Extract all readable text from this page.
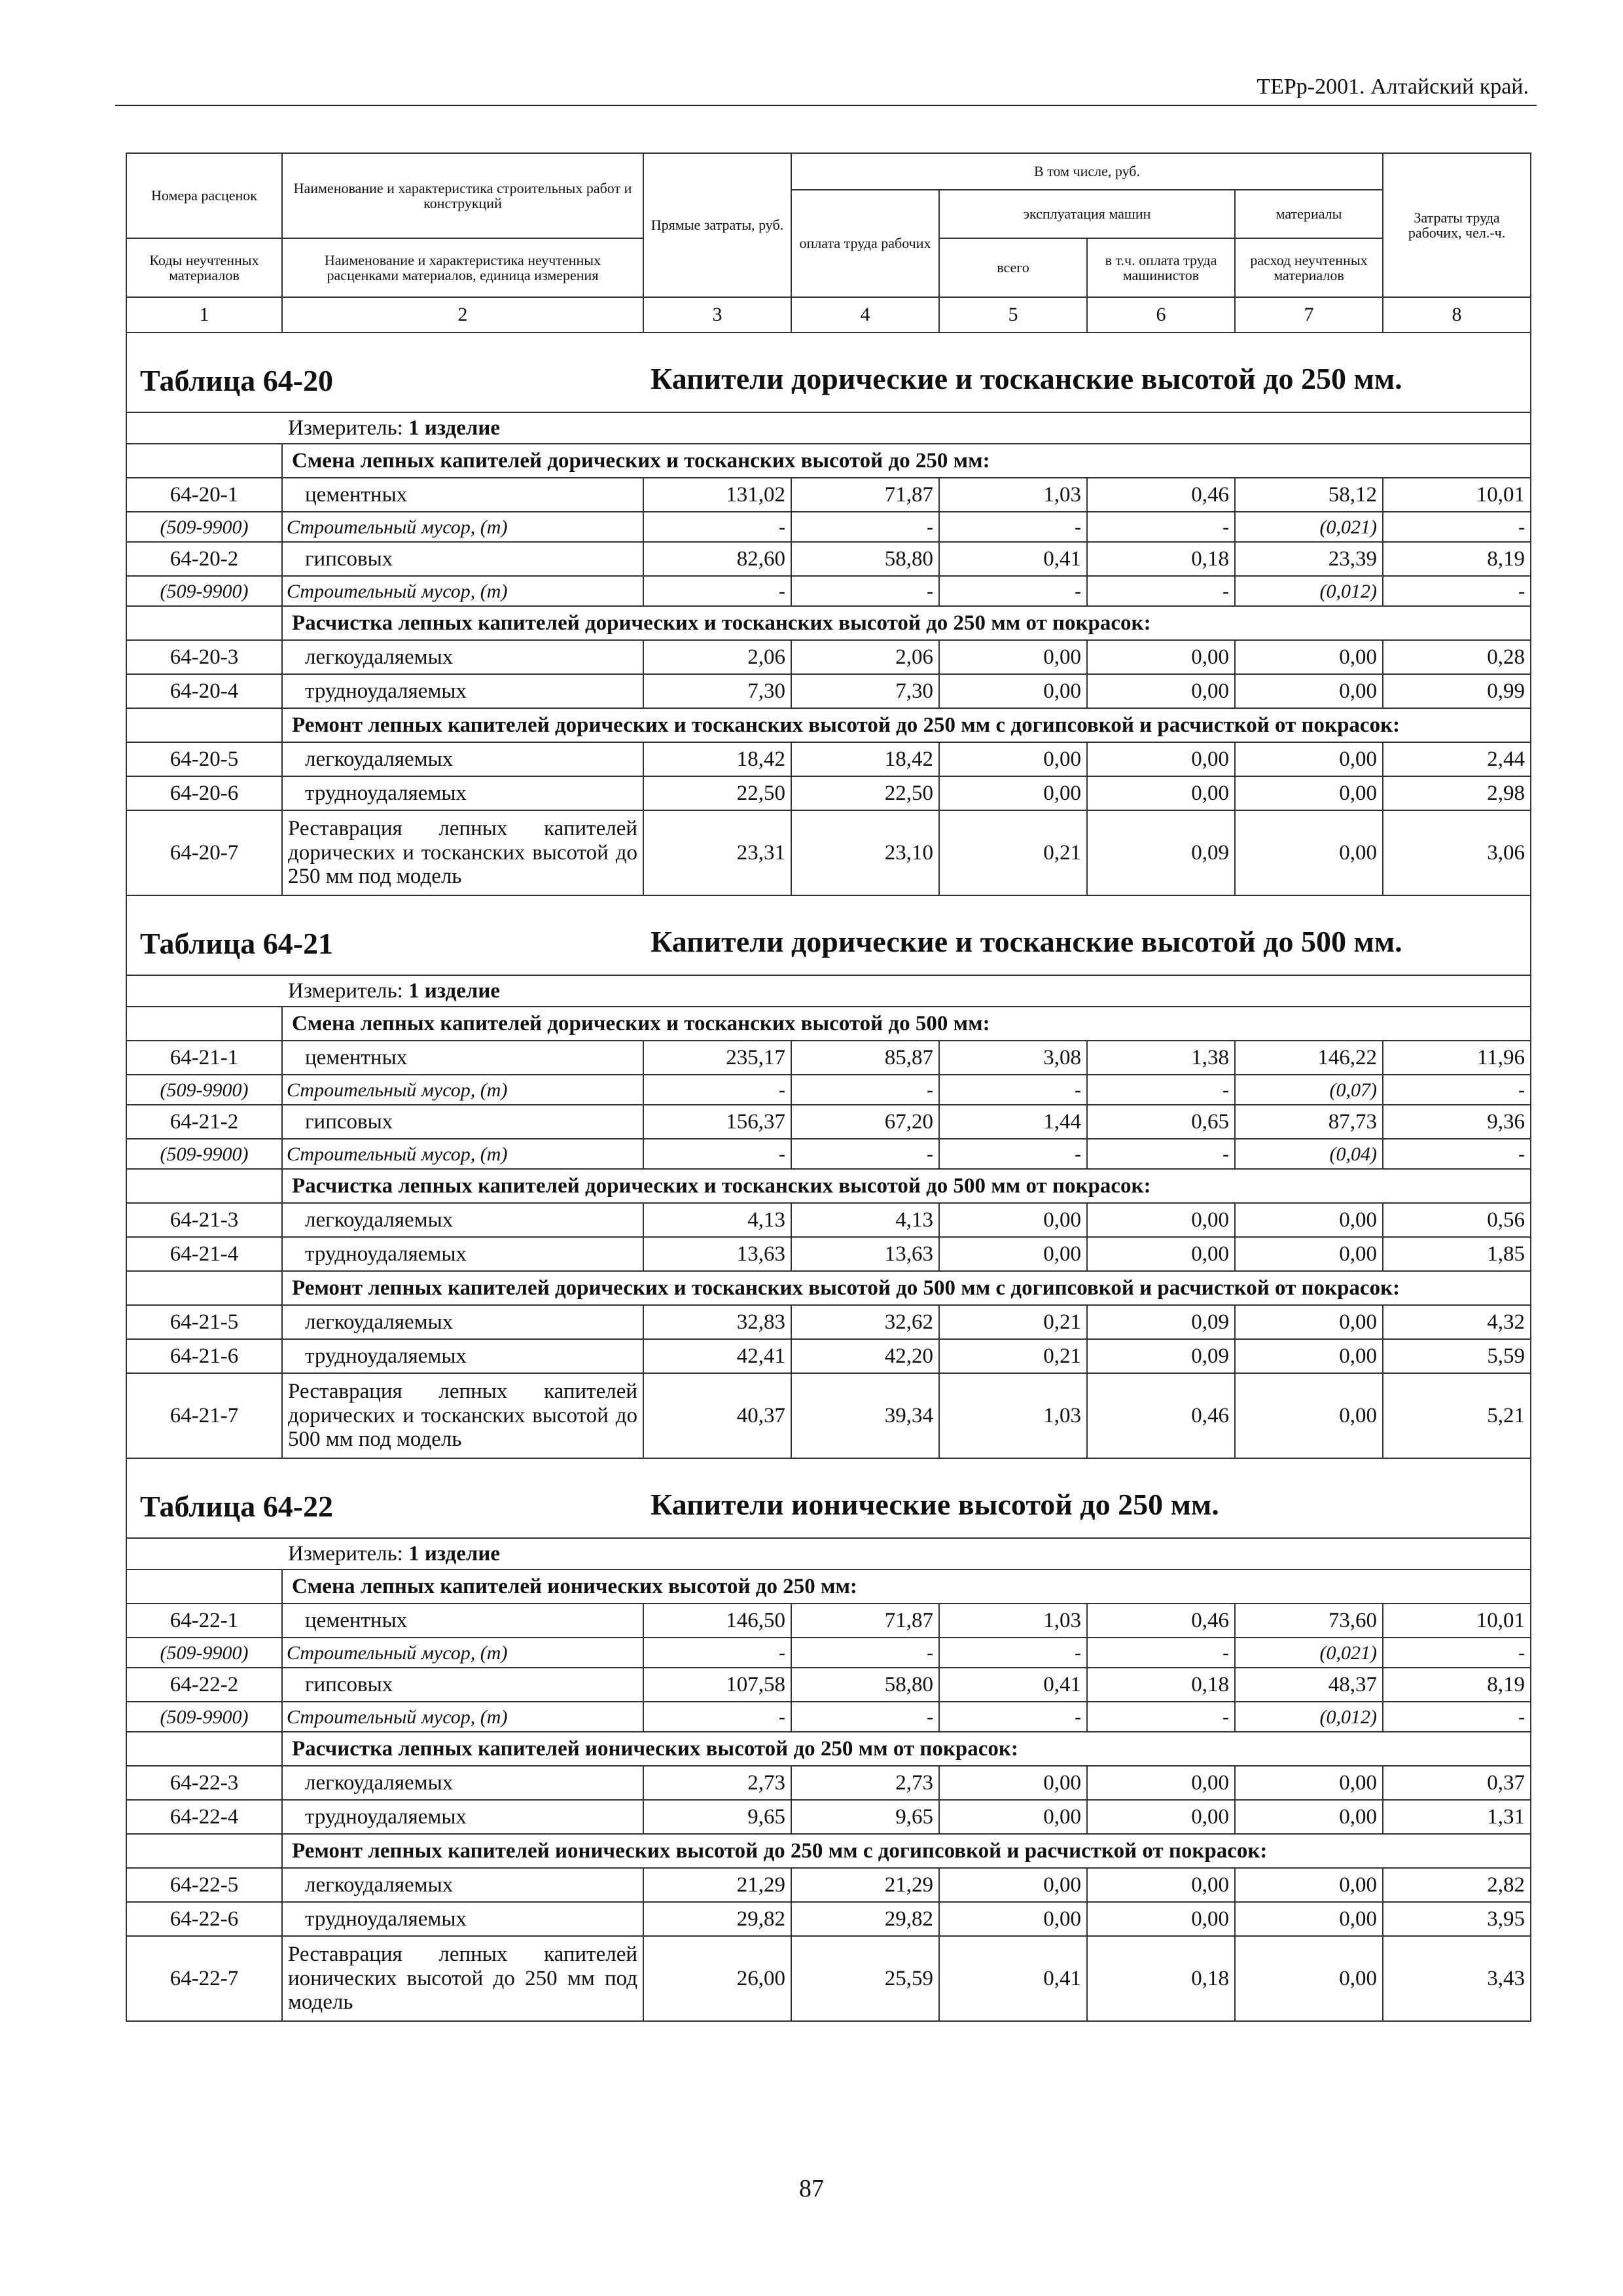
ТЕРр-2001. Алтайский край.
Номера расценок	Наименование и характеристика строительных работ и конструкций	Прямые затраты, руб.	В том числе, руб.				Затраты труда рабочих, чел.-ч.
			оплата труда рабочих	эксплуатация машин		материалы	
Коды неучтенных материалов	Наименование и характеристика неучтенных расценками материалов, единица измерения			всего	в т.ч. оплата труда машинистов	расход неучтенных материалов	
1	2	3	4	5	6	7	8

Таблица 64-20 Капители дорические и тосканские высотой до 250 мм.							

Измеритель: 1 изделие							
	Смена лепных капителей дорических и тосканских высотой до 250 мм:						
64-20-1	цементных	131,02	71,87	1,03	0,46	58,12	10,01
(509-9900)	Строительный мусор, (т)	-	-	-	-	(0,021)	-
64-20-2	гипсовых	82,60	58,80	0,41	0,18	23,39	8,19
(509-9900)	Строительный мусор, (т)	-	-	-	-	(0,012)	-
	Расчистка лепных капителей дорических и тосканских высотой до 250 мм от покрасок:						
64-20-3	легкоудаляемых	2,06	2,06	0,00	0,00	0,00	0,28
64-20-4	трудноудаляемых	7,30	7,30	0,00	0,00	0,00	0,99
	Ремонт лепных капителей дорических и тосканских высотой до 250 мм с догипсовкой и расчисткой от покрасок:						
64-20-5	легкоудаляемых	18,42	18,42	0,00	0,00	0,00	2,44
64-20-6	трудноудаляемых	22,50	22,50	0,00	0,00	0,00	2,98
64-20-7	Реставрация лепных капителей дорических и тосканских высотой до 250 мм под модель	23,31	23,10	0,21	0,09	0,00	3,06

Таблица 64-21 Капители дорические и тосканские высотой до 500 мм.							

Измеритель: 1 изделие							
	Смена лепных капителей дорических и тосканских высотой до 500 мм:						
64-21-1	цементных	235,17	85,87	3,08	1,38	146,22	11,96
(509-9900)	Строительный мусор, (т)	-	-	-	-	(0,07)	-
64-21-2	гипсовых	156,37	67,20	1,44	0,65	87,73	9,36
(509-9900)	Строительный мусор, (т)	-	-	-	-	(0,04)	-
	Расчистка лепных капителей дорических и тосканских высотой до 500 мм от покрасок:						
64-21-3	легкоудаляемых	4,13	4,13	0,00	0,00	0,00	0,56
64-21-4	трудноудаляемых	13,63	13,63	0,00	0,00	0,00	1,85
	Ремонт лепных капителей дорических и тосканских высотой до 500 мм с догипсовкой и расчисткой от покрасок:						
64-21-5	легкоудаляемых	32,83	32,62	0,21	0,09	0,00	4,32
64-21-6	трудноудаляемых	42,41	42,20	0,21	0,09	0,00	5,59
64-21-7	Реставрация лепных капителей дорических и тосканских высотой до 500 мм под модель	40,37	39,34	1,03	0,46	0,00	5,21

Таблица 64-22 Капители ионические высотой до 250 мм.							

Измеритель: 1 изделие							
	Смена лепных капителей ионических высотой до 250 мм:						
64-22-1	цементных	146,50	71,87	1,03	0,46	73,60	10,01
(509-9900)	Строительный мусор, (т)	-	-	-	-	(0,021)	-
64-22-2	гипсовых	107,58	58,80	0,41	0,18	48,37	8,19
(509-9900)	Строительный мусор, (т)	-	-	-	-	(0,012)	-
	Расчистка лепных капителей ионических высотой до 250 мм от покрасок:						
64-22-3	легкоудаляемых	2,73	2,73	0,00	0,00	0,00	0,37
64-22-4	трудноудаляемых	9,65	9,65	0,00	0,00	0,00	1,31
	Ремонт лепных капителей ионических высотой до 250 мм с догипсовкой и расчисткой от покрасок:						
64-22-5	легкоудаляемых	21,29	21,29	0,00	0,00	0,00	2,82
64-22-6	трудноудаляемых	29,82	29,82	0,00	0,00	0,00	3,95
64-22-7	Реставрация лепных капителей ионических высотой до 250 мм под модель	26,00	25,59	0,41	0,18	0,00	3,43
87
